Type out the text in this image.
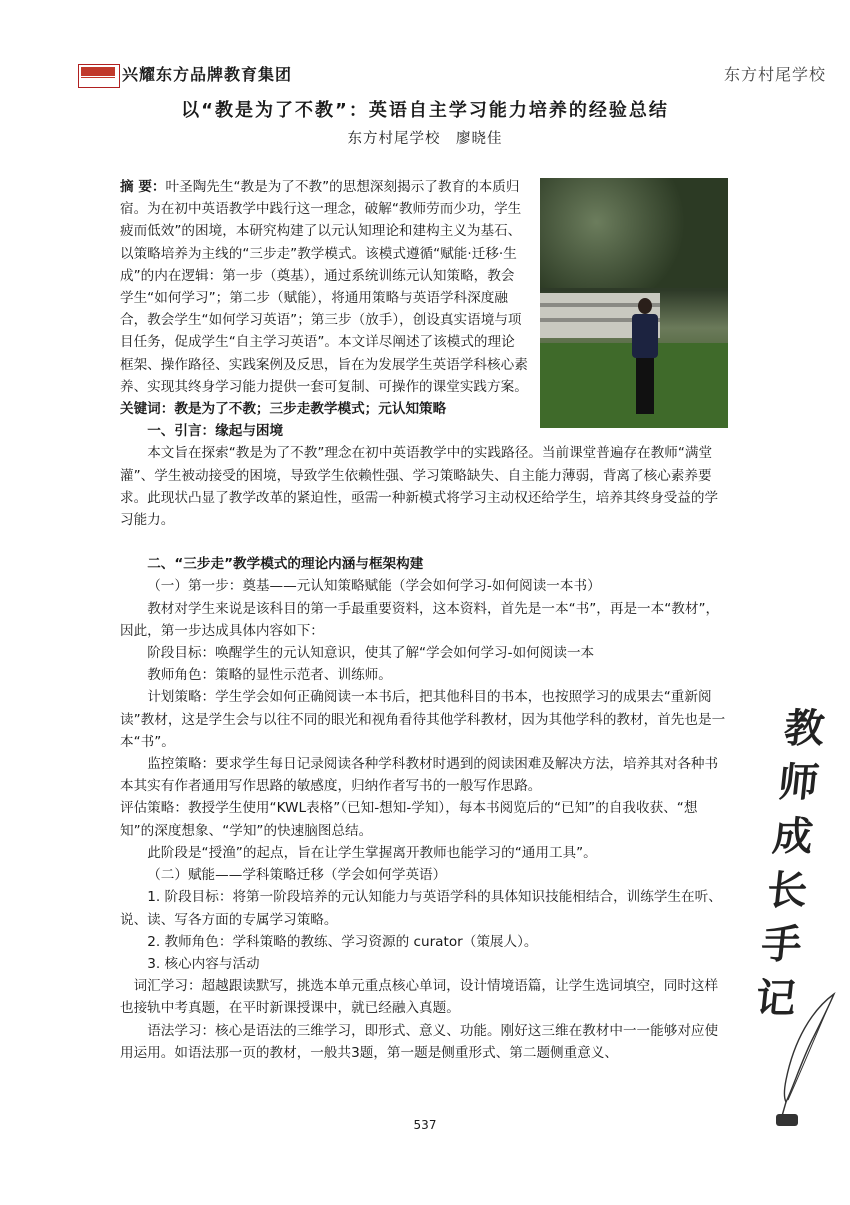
兴耀东方品牌教育集团	东方村尾学校
以“教是为了不教”：英语自主学习能力培养的经验总结
东方村尾学校　廖晓佳

摘 要：叶圣陶先生“教是为了不教”的思想深刻揭示了教育的本质归宿。为在初中英语教学中践行这一理念，破解“教师劳而少功，学生疲而低效”的困境，本研究构建了以元认知理论和建构主义为基石、以策略培养为主线的“三步走”教学模式。该模式遵循“赋能·迁移·生成”的内在逻辑：第一步（奠基），通过系统训练元认知策略，教会学生“如何学习”；第二步（赋能），将通用策略与英语学科深度融合，教会学生“如何学习英语”；第三步（放手），创设真实语境与项目任务，促成学生“自主学习英语”。本文详尽阐述了该模式的理论框架、操作路径、实践案例及反思，旨在为发展学生英语学科核心素养、实现其终身学习能力提供一套可复制、可操作的课堂实践方案。

关键词：教是为了不教；三步走教学模式；元认知策略

一、引言：缘起与困境

本文旨在探索“教是为了不教”理念在初中英语教学中的实践路径。当前课堂普遍存在教师“满堂灌”、学生被动接受的困境，导致学生依赖性强、学习策略缺失、自主能力薄弱，背离了核心素养要求。此现状凸显了教学改革的紧迫性，亟需一种新模式将学习主动权还给学生，培养其终身受益的学习能力。

二、“三步走”教学模式的理论内涵与框架构建

（一）第一步：奠基——元认知策略赋能（学会如何学习-如何阅读一本书）

教材对学生来说是该科目的第一手最重要资料，这本资料，首先是一本“书”，再是一本“教材”，因此，第一步达成具体内容如下：

阶段目标：唤醒学生的元认知意识，使其了解“学会如何学习-如何阅读一本

教师角色：策略的显性示范者、训练师。

计划策略：学生学会如何正确阅读一本书后，把其他科目的书本，也按照学习的成果去“重新阅读”教材，这是学生会与以往不同的眼光和视角看待其他学科教材，因为其他学科的教材，首先也是一本“书”。

监控策略：要求学生每日记录阅读各种学科教材时遇到的阅读困难及解决方法，培养其对各种书本其实有作者通用写作思路的敏感度，归纳作者写书的一般写作思路。

评估策略：教授学生使用“KWL表格”（已知-想知-学知），每本书阅览后的“已知”的自我收获、“想知”的深度想象、“学知”的快速脑图总结。

此阶段是“授渔”的起点，旨在让学生掌握离开教师也能学习的“通用工具”。

（二）赋能——学科策略迁移（学会如何学英语）

1. 阶段目标：将第一阶段培养的元认知能力与英语学科的具体知识技能相结合，训练学生在听、说、读、写各方面的专属学习策略。

2. 教师角色：学科策略的教练、学习资源的 curator（策展人）。

3. 核心内容与活动

词汇学习：超越跟读默写，挑选本单元重点核心单词，设计情境语篇，让学生选词填空，同时这样也接轨中考真题，在平时新课授课中，就已经融入真题。

语法学习：核心是语法的三维学习，即形式、意义、功能。刚好这三维在教材中一一能够对应使用运用。如语法那一页的教材，一般共3题，第一题是侧重形式、第二题侧重意义、

537
教
师
成
长
手
记
